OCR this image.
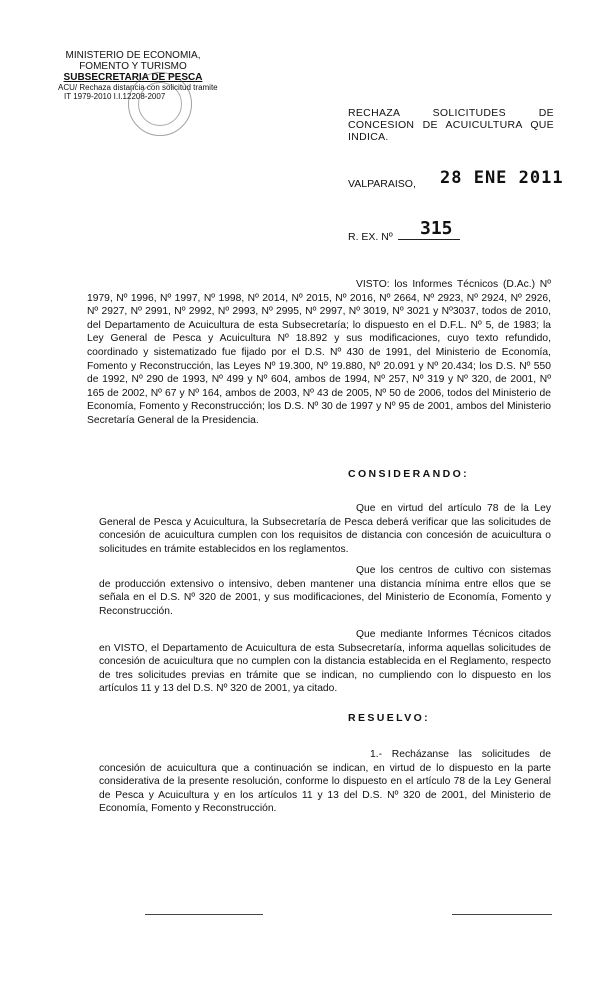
MINISTERIO DE ECONOMIA,
FOMENTO Y TURISMO
SUBSECRETARIA DE PESCA
ACU/ Rechaza distancia con solicitud tramite
IT 1979-2010 I.I.12208-2007
RECHAZA SOLICITUDES DE CONCESION DE ACUICULTURA QUE INDICA.
VALPARAISO, 28 ENE 2011
R. EX. Nº 315
VISTO: los Informes Técnicos (D.Ac.) Nº 1979, Nº 1996, Nº 1997, Nº 1998, Nº 2014, Nº 2015, Nº 2016, Nº 2664, Nº 2923, Nº 2924, Nº 2926, Nº 2927, Nº 2991, Nº 2992, Nº 2993, Nº 2995, Nº 2997, Nº 3019, Nº 3021 y Nº3037, todos de 2010, del Departamento de Acuicultura de esta Subsecretaría; lo dispuesto en el D.F.L. Nº 5, de 1983; la Ley General de Pesca y Acuicultura Nº 18.892 y sus modificaciones, cuyo texto refundido, coordinado y sistematizado fue fijado por el D.S. Nº 430 de 1991, del Ministerio de Economía, Fomento y Reconstrucción, las Leyes Nº 19.300, Nº 19.880, Nº 20.091 y Nº 20.434; los D.S. Nº 550 de 1992, Nº 290 de 1993, Nº 499 y Nº 604, ambos de 1994, Nº 257, Nº 319 y Nº 320, de 2001, Nº 165 de 2002, Nº 67 y Nº 164, ambos de 2003, Nº 43 de 2005, Nº 50 de 2006, todos del Ministerio de Economía, Fomento y Reconstrucción; los D.S. Nº 30 de 1997 y Nº 95 de 2001, ambos del Ministerio Secretaría General de la Presidencia.
CONSIDERANDO:
Que en virtud del artículo 78 de la Ley General de Pesca y Acuicultura, la Subsecretaría de Pesca deberá verificar que las solicitudes de concesión de acuicultura cumplen con los requisitos de distancia con concesión de acuicultura o solicitudes en trámite establecidos en los reglamentos.
Que los centros de cultivo con sistemas de producción extensivo o intensivo, deben mantener una distancia mínima entre ellos que se señala en el D.S. Nº 320 de 2001, y sus modificaciones, del Ministerio de Economía, Fomento y Reconstrucción.
Que mediante Informes Técnicos citados en VISTO, el Departamento de Acuicultura de esta Subsecretaría, informa aquellas solicitudes de concesión de acuicultura que no cumplen con la distancia establecida en el Reglamento, respecto de tres solicitudes previas en trámite que se indican, no cumpliendo con lo dispuesto en los artículos 11 y 13 del D.S. Nº 320 de 2001, ya citado.
RESUELVO:
1.- Recházanse las solicitudes de concesión de acuicultura que a continuación se indican, en virtud de lo dispuesto en la parte considerativa de la presente resolución, conforme lo dispuesto en el artículo 78 de la Ley General de Pesca y Acuicultura y en los artículos 11 y 13 del D.S. Nº 320 de 2001, del Ministerio de Economía, Fomento y Reconstrucción.
